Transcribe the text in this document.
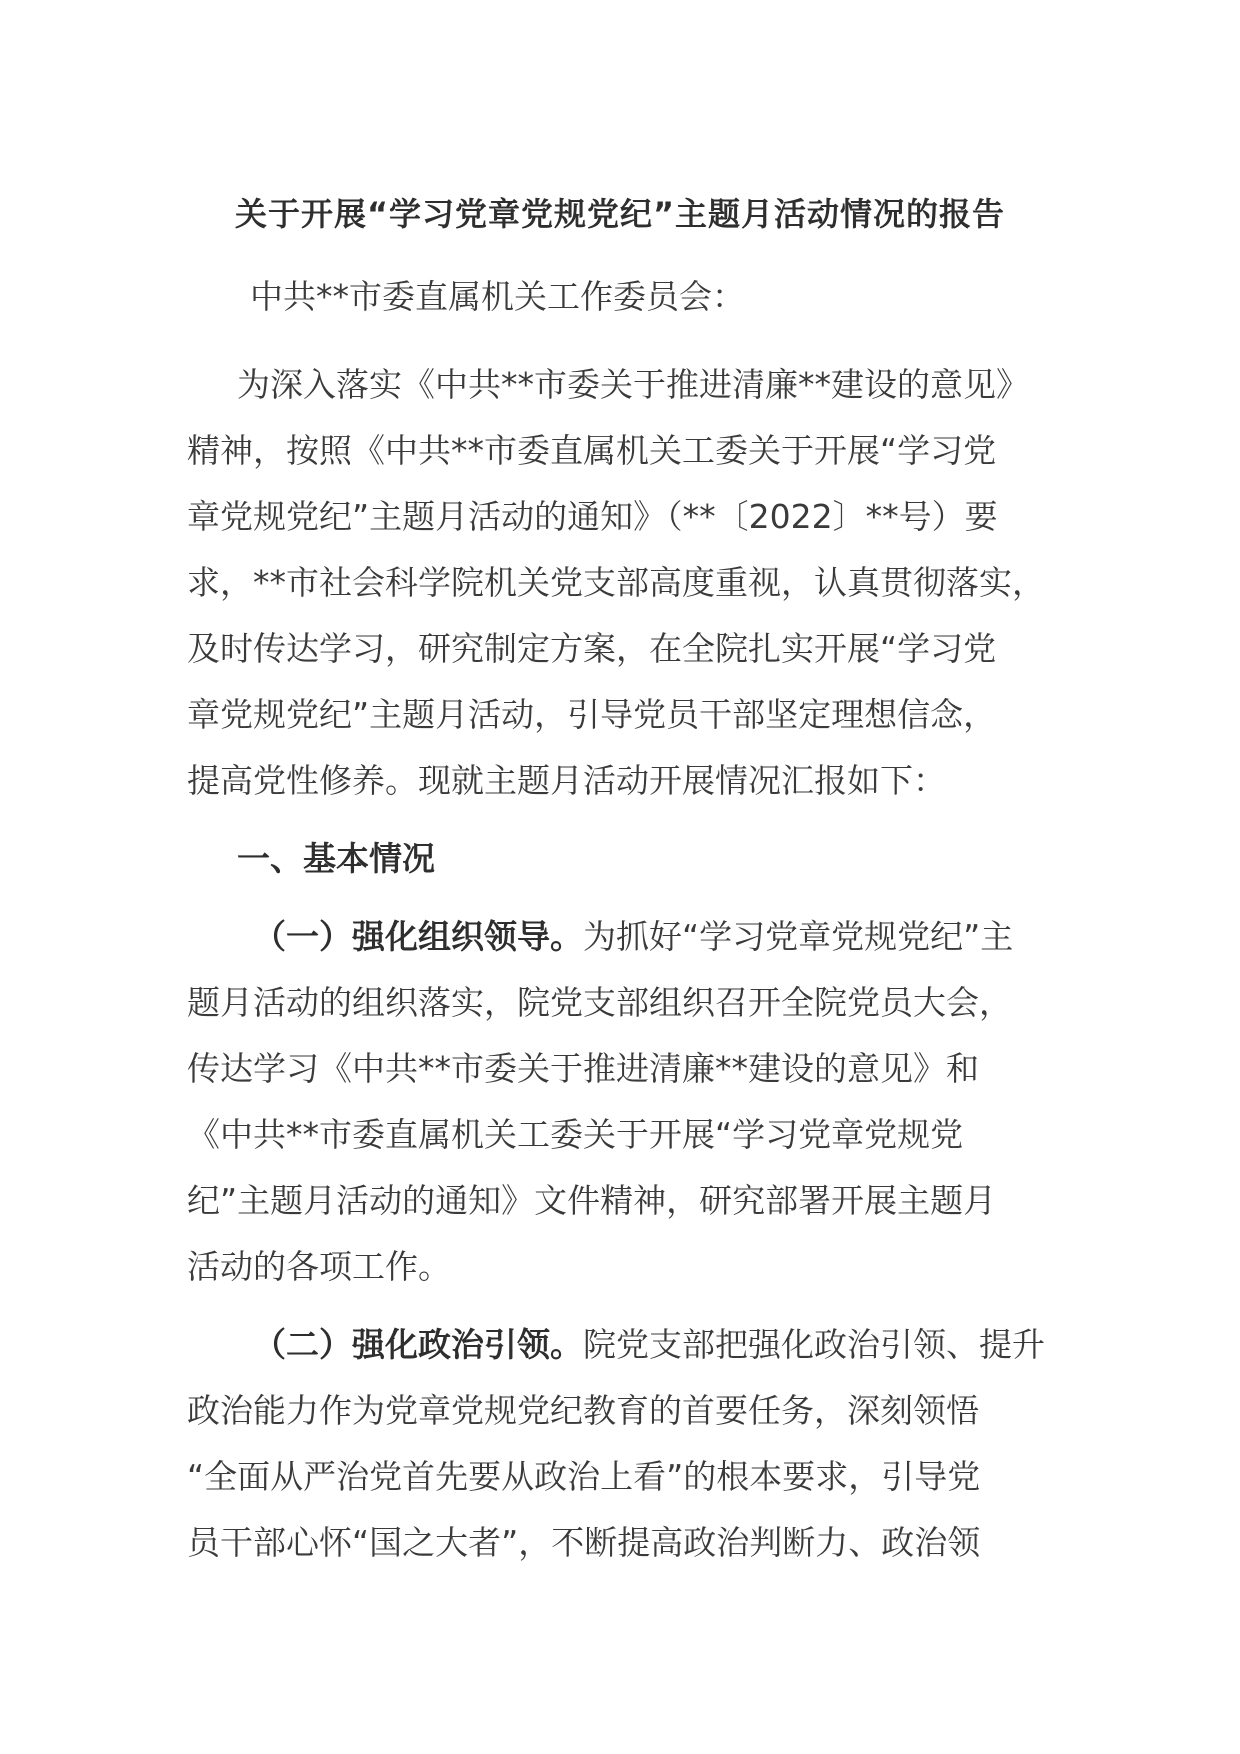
关于开展“学习党章党规党纪”主题月活动情况的报告
中共**市委直属机关工作委员会：
为深入落实《中共**市委关于推进清廉**建设的意见》
精神，按照《中共**市委直属机关工委关于开展“学习党
章党规党纪”主题月活动的通知》（**〔2022〕**号）要
求，**市社会科学院机关党支部高度重视，认真贯彻落实，
及时传达学习，研究制定方案，在全院扎实开展“学习党
章党规党纪”主题月活动，引导党员干部坚定理想信念，
提高党性修养。现就主题月活动开展情况汇报如下：
一、基本情况
（一）强化组织领导。为抓好“学习党章党规党纪”主
题月活动的组织落实，院党支部组织召开全院党员大会，
传达学习《中共**市委关于推进清廉**建设的意见》和
《中共**市委直属机关工委关于开展“学习党章党规党
纪”主题月活动的通知》文件精神，研究部署开展主题月
活动的各项工作。
（二）强化政治引领。院党支部把强化政治引领、提升
政治能力作为党章党规党纪教育的首要任务，深刻领悟
“全面从严治党首先要从政治上看”的根本要求，引导党
员干部心怀“国之大者”，不断提高政治判断力、政治领
